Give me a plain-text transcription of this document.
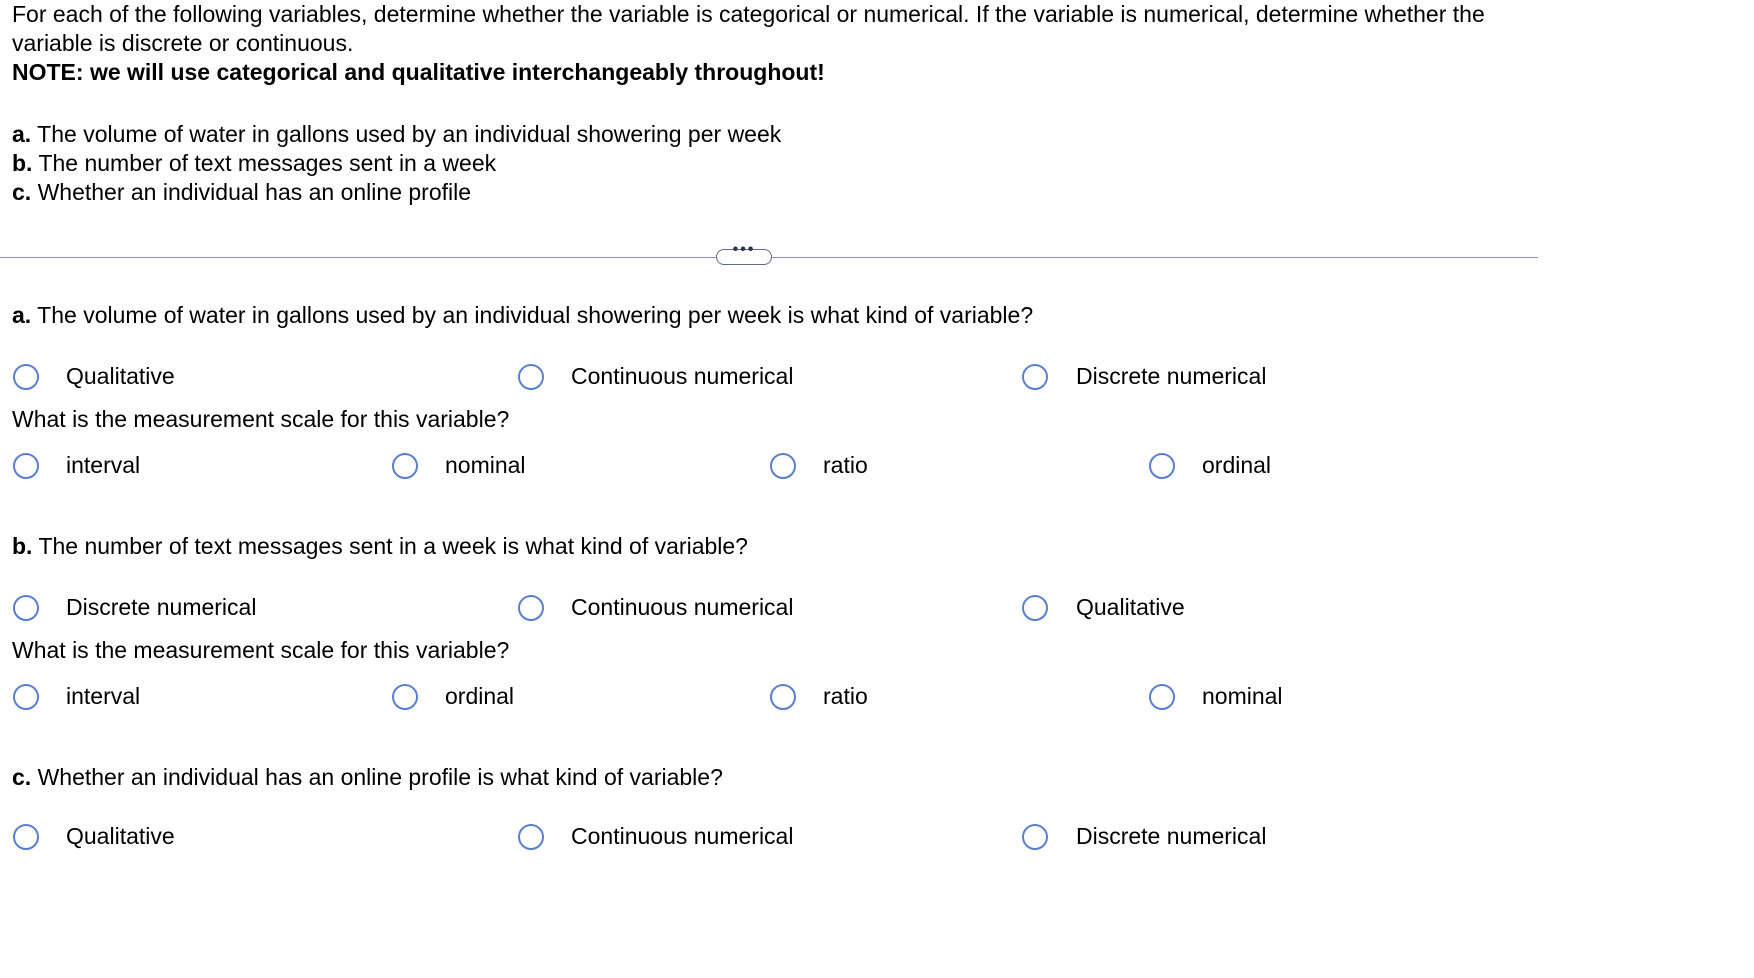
For each of the following variables, determine whether the variable is categorical or numerical. If the variable is numerical, determine whether the
variable is discrete or continuous.
NOTE: we will use categorical and qualitative interchangeably throughout!
a. The volume of water in gallons used by an individual showering per week
b. The number of text messages sent in a week
c. Whether an individual has an online profile
•••
a. The volume of water in gallons used by an individual showering per week is what kind of variable?
Qualitative	Continuous numerical	Discrete numerical
What is the measurement scale for this variable?
interval	nominal	ratio	ordinal
b. The number of text messages sent in a week is what kind of variable?
Discrete numerical	Continuous numerical	Qualitative
What is the measurement scale for this variable?
interval	ordinal	ratio	nominal
c. Whether an individual has an online profile is what kind of variable?
Qualitative	Continuous numerical	Discrete numerical
